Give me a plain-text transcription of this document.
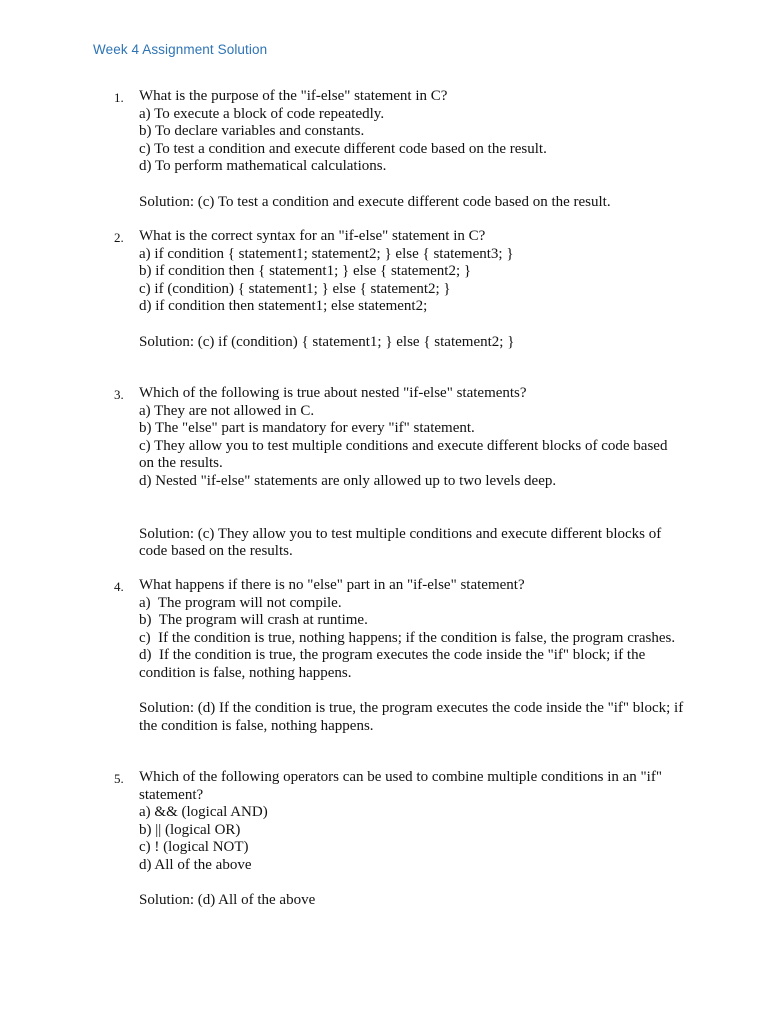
Week 4 Assignment Solution
1. What is the purpose of the "if-else" statement in C?
a) To execute a block of code repeatedly.
b) To declare variables and constants.
c) To test a condition and execute different code based on the result.
d) To perform mathematical calculations.
Solution: (c) To test a condition and execute different code based on the result.
2. What is the correct syntax for an "if-else" statement in C?
a) if condition { statement1; statement2; } else { statement3; }
b) if condition then { statement1; } else { statement2; }
c) if (condition) { statement1; } else { statement2; }
d) if condition then statement1; else statement2;
Solution: (c) if (condition) { statement1; } else { statement2; }
3. Which of the following is true about nested "if-else" statements?
a) They are not allowed in C.
b) The "else" part is mandatory for every "if" statement.
c) They allow you to test multiple conditions and execute different blocks of code based on the results.
d) Nested "if-else" statements are only allowed up to two levels deep.
Solution: (c) They allow you to test multiple conditions and execute different blocks of code based on the results.
4. What happens if there is no "else" part in an "if-else" statement?
a)  The program will not compile.
b)  The program will crash at runtime.
c)  If the condition is true, nothing happens; if the condition is false, the program crashes.
d)  If the condition is true, the program executes the code inside the "if" block; if the condition is false, nothing happens.
Solution: (d) If the condition is true, the program executes the code inside the "if" block; if the condition is false, nothing happens.
5. Which of the following operators can be used to combine multiple conditions in an "if" statement?
a) && (logical AND)
b) || (logical OR)
c) ! (logical NOT)
d) All of the above
Solution: (d) All of the above
